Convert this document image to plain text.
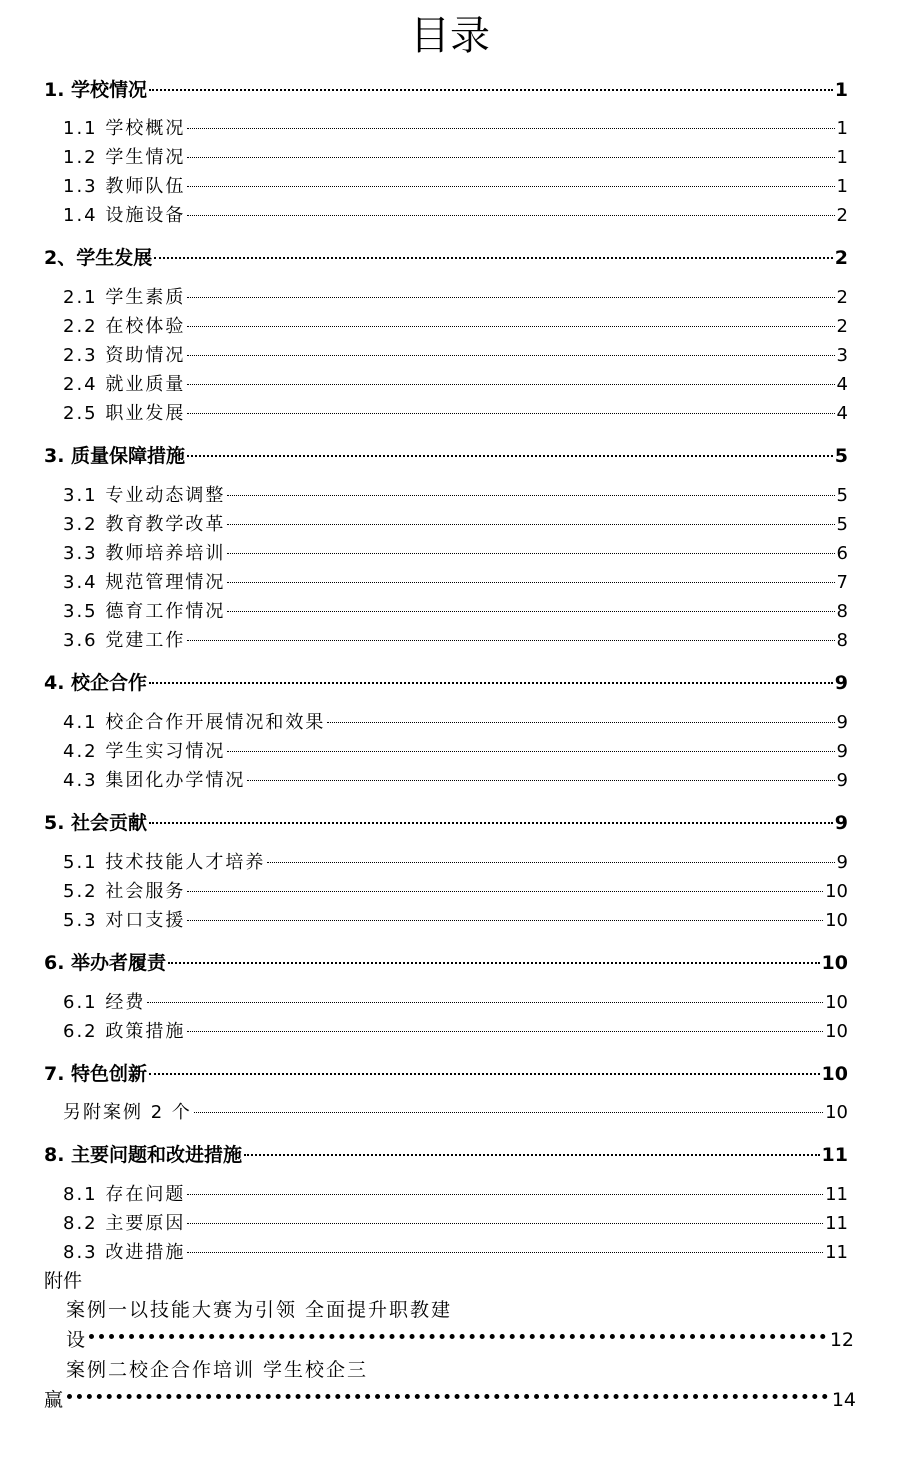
目录
1. 学校情况	1
1.1 学校概况	1
1.2 学生情况	1
1.3 教师队伍	1
1.4 设施设备	2
2、学生发展	2
2.1 学生素质	2
2.2 在校体验	2
2.3 资助情况	3
2.4 就业质量	4
2.5 职业发展	4
3. 质量保障措施	5
3.1 专业动态调整	5
3.2 教育教学改革	5
3.3 教师培养培训	6
3.4 规范管理情况	7
3.5 德育工作情况	8
3.6 党建工作	8
4. 校企合作	9
4.1 校企合作开展情况和效果	9
4.2 学生实习情况	9
4.3 集团化办学情况	9
5. 社会贡献	9
5.1 技术技能人才培养	9
5.2 社会服务	10
5.3 对口支援	10
6. 举办者履责	10
6.1 经费	10
6.2 政策措施	10
7. 特色创新	10
另附案例 2 个	10
8. 主要问题和改进措施	11
8.1 存在问题	11
8.2 主要原因	11
8.3 改进措施	11
附件
案例一以技能大赛为引领 全面提升职教建
设	12
案例二校企合作培训 学生校企三
赢	14
